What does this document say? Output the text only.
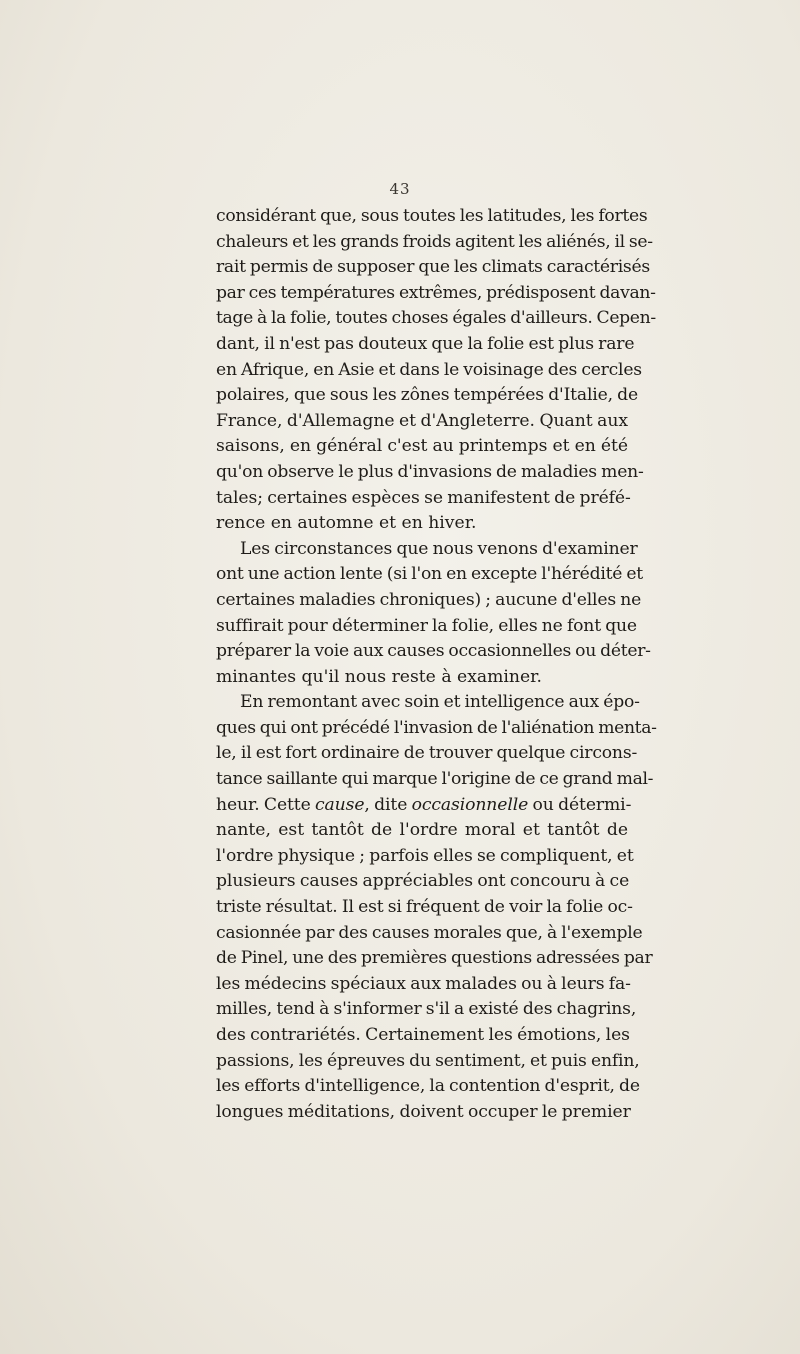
43
considérant que, sous toutes les latitudes, les fortes
chaleurs et les grands froids agitent les aliénés, il se-
rait permis de supposer que les climats caractérisés
par ces températures extrêmes, prédisposent davan-
tage à la folie, toutes choses égales d'ailleurs. Cepen-
dant, il n'est pas douteux que la folie est plus rare
en Afrique, en Asie et dans le voisinage des cercles
polaires, que sous les zônes tempérées d'Italie, de
France, d'Allemagne et d'Angleterre. Quant aux
saisons, en général c'est au printemps et en été
qu'on observe le plus d'invasions de maladies men-
tales; certaines espèces se manifestent de préfé-
rence en automne et en hiver.
Les circonstances que nous venons d'examiner
ont une action lente (si l'on en excepte l'hérédité et
certaines maladies chroniques) ; aucune d'elles ne
suffirait pour déterminer la folie, elles ne font que
préparer la voie aux causes occasionnelles ou déter-
minantes qu'il nous reste à examiner.
En remontant avec soin et intelligence aux épo-
ques qui ont précédé l'invasion de l'aliénation menta-
le, il est fort ordinaire de trouver quelque circons-
tance saillante qui marque l'origine de ce grand mal-
heur. Cette cause, dite occasionnelle ou détermi-
nante, est tantôt de l'ordre moral et tantôt de
l'ordre physique ; parfois elles se compliquent, et
plusieurs causes appréciables ont concouru à ce
triste résultat. Il est si fréquent de voir la folie oc-
casionnée par des causes morales que, à l'exemple
de Pinel, une des premières questions adressées par
les médecins spéciaux aux malades ou à leurs fa-
milles, tend à s'informer s'il a existé des chagrins,
des contrariétés. Certainement les émotions, les
passions, les épreuves du sentiment, et puis enfin,
les efforts d'intelligence, la contention d'esprit, de
longues méditations, doivent occuper le premier
